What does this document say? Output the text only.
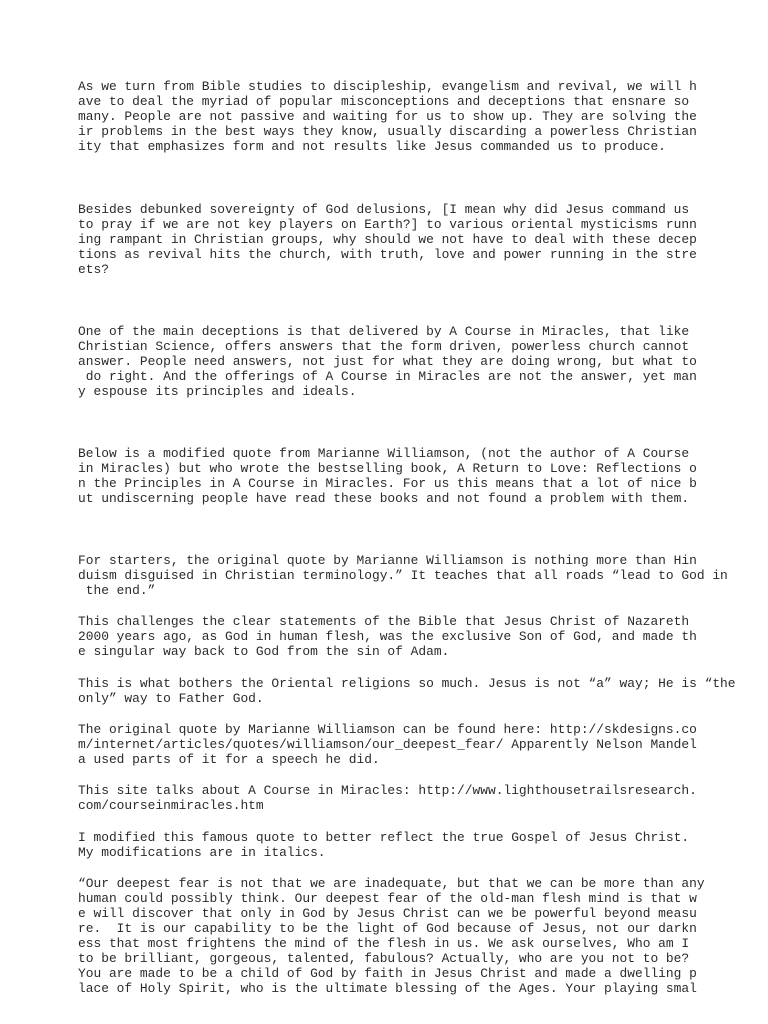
As we turn from Bible studies to discipleship, evangelism and revival, we will h
ave to deal the myriad of popular misconceptions and deceptions that ensnare so
many. People are not passive and waiting for us to show up. They are solving the
ir problems in the best ways they know, usually discarding a powerless Christian
ity that emphasizes form and not results like Jesus commanded us to produce.
Besides debunked sovereignty of God delusions, [I mean why did Jesus command us
to pray if we are not key players on Earth?] to various oriental mysticisms runn
ing rampant in Christian groups, why should we not have to deal with these decep
tions as revival hits the church, with truth, love and power running in the stre
ets?
One of the main deceptions is that delivered by A Course in Miracles, that like
Christian Science, offers answers that the form driven, powerless church cannot
answer. People need answers, not just for what they are doing wrong, but what to
do right. And the offerings of A Course in Miracles are not the answer, yet man
y espouse its principles and ideals.
Below is a modified quote from Marianne Williamson, (not the author of A Course
in Miracles) but who wrote the bestselling book, A Return to Love: Reflections o
n the Principles in A Course in Miracles. For us this means that a lot of nice b
ut undiscerning people have read these books and not found a problem with them.
For starters, the original quote by Marianne Williamson is nothing more than Hin
duism disguised in Christian terminology.” It teaches that all roads “lead to God in
the end.”
This challenges the clear statements of the Bible that Jesus Christ of Nazareth
2000 years ago, as God in human flesh, was the exclusive Son of God, and made th
e singular way back to God from the sin of Adam.
This is what bothers the Oriental religions so much. Jesus is not “a” way; He is “the
only” way to Father God.
The original quote by Marianne Williamson can be found here: http://skdesigns.co
m/internet/articles/quotes/williamson/our_deepest_fear/ Apparently Nelson Mandel
a used parts of it for a speech he did.
This site talks about A Course in Miracles: http://www.lighthousetrailsresearch.
com/courseinmiracles.htm
I modified this famous quote to better reflect the true Gospel of Jesus Christ.
My modifications are in italics.
“Our deepest fear is not that we are inadequate, but that we can be more than any
human could possibly think. Our deepest fear of the old-man flesh mind is that w
e will discover that only in God by Jesus Christ can we be powerful beyond measu
re.  It is our capability to be the light of God because of Jesus, not our darkn
ess that most frightens the mind of the flesh in us. We ask ourselves, Who am I
to be brilliant, gorgeous, talented, fabulous? Actually, who are you not to be?
You are made to be a child of God by faith in Jesus Christ and made a dwelling p
lace of Holy Spirit, who is the ultimate blessing of the Ages. Your playing smal
